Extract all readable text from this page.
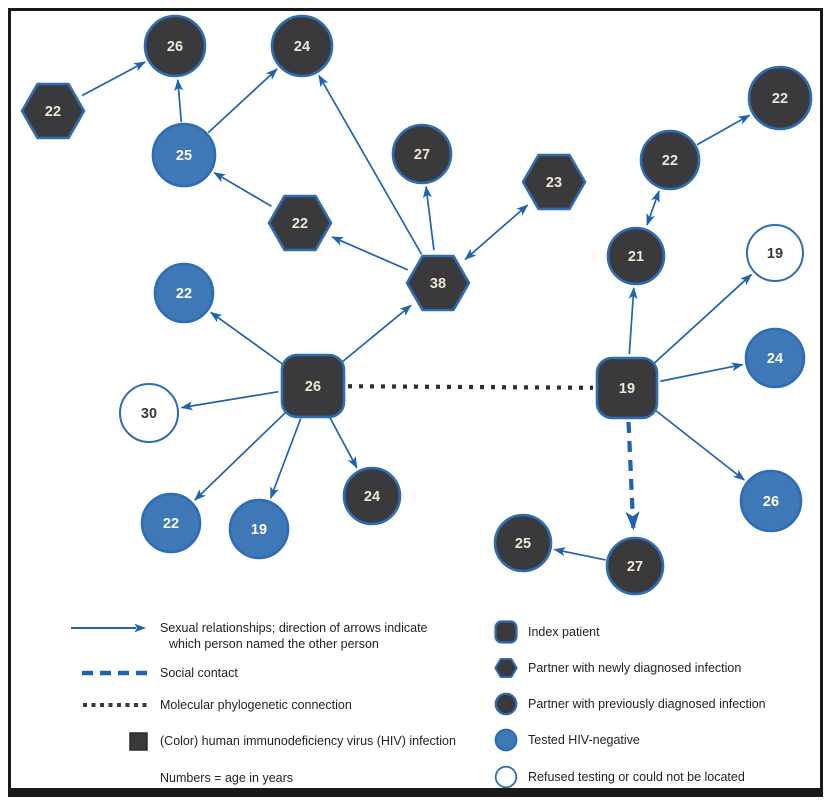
22
26	24
25
22
27
23
38
22
30
26
22	19
24
22
22
21	19
19
24
26
27
25
Sexual relationships; direction of arrows indicate
which person named the other person
Social contact
Molecular phylogenetic connection
(Color) human immunodeficiency virus (HIV) infection
Numbers = age in years
Index patient
Partner with newly diagnosed infection
Partner with previously diagnosed infection
Tested HIV-negative
Refused testing or could not be located
